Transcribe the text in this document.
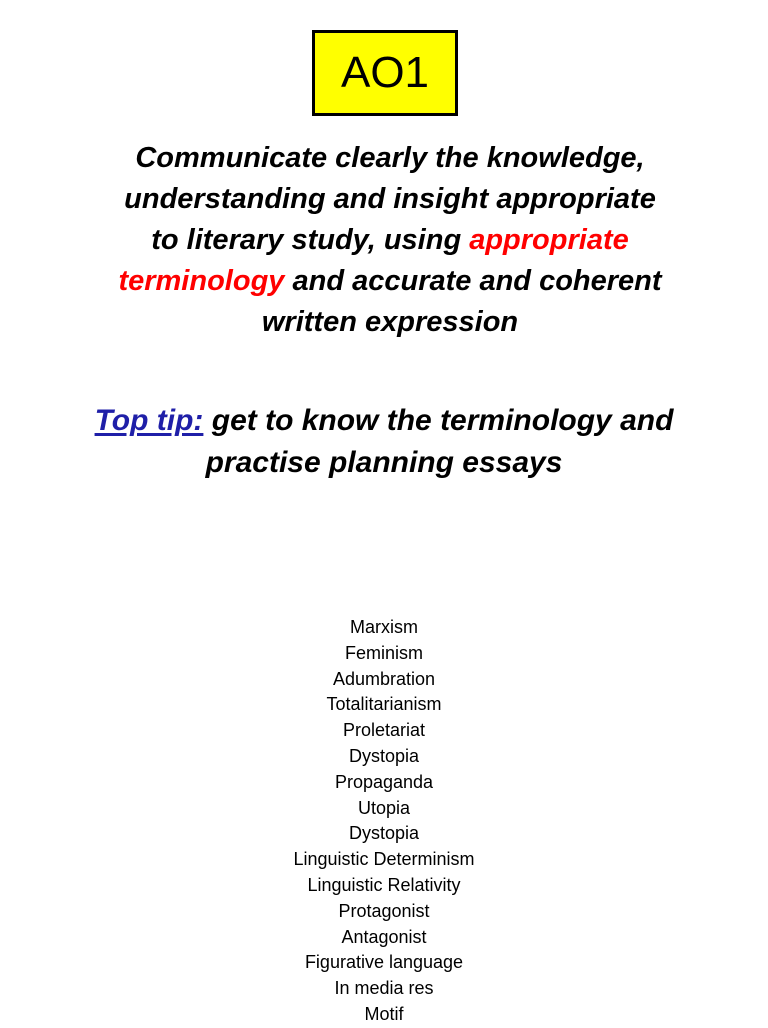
AO1
Communicate clearly the knowledge,
understanding and insight appropriate
to literary study, using appropriate
terminology and accurate and coherent
written expression
Top tip: get to know the terminology and
practise planning essays
Marxism
Feminism
Adumbration
Totalitarianism
Proletariat
Dystopia
Propaganda
Utopia
Dystopia
Linguistic Determinism
Linguistic Relativity
Protagonist
Antagonist
Figurative language
In media res
Motif
